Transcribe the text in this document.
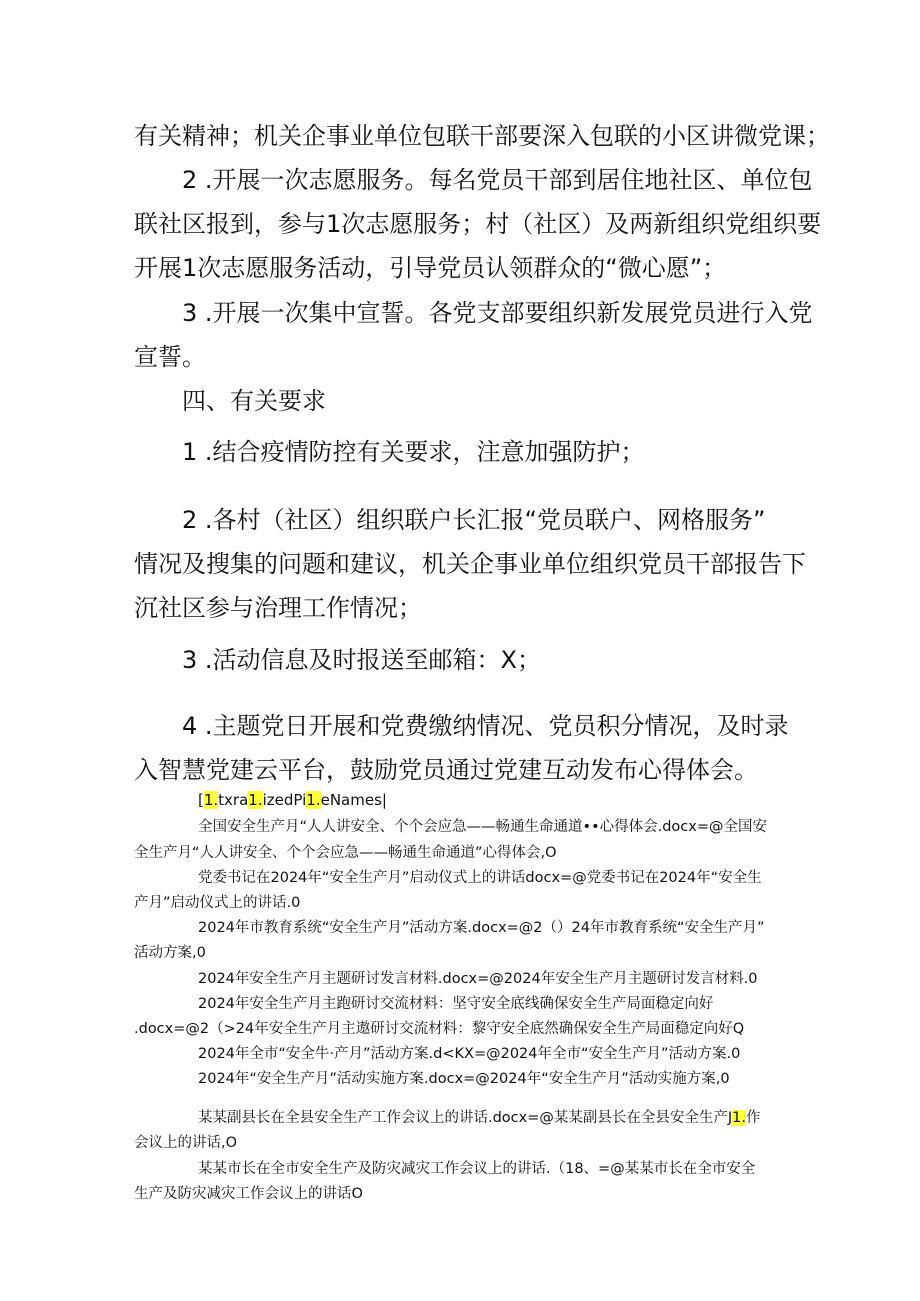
有关精神；机关企事业单位包联干部要深入包联的小区讲微党课；

2 .开展一次志愿服务。每名党员干部到居住地社区、单位包

联社区报到，参与1次志愿服务；村（社区）及两新组织党组织要

开展1次志愿服务活动，引导党员认领群众的“微心愿”；

3 .开展一次集中宣誓。各党支部要组织新发展党员进行入党

宣誓。

四、有关要求

1 .结合疫情防控有关要求，注意加强防护；

2 .各村（社区）组织联户长汇报“党员联户、网格服务”

情况及搜集的问题和建议，机关企事业单位组织党员干部报告下

沉社区参与治理工作情况；

3 .活动信息及时报送至邮箱：X；

4 .主题党日开展和党费缴纳情况、党员积分情况，及时录

入智慧党建云平台，鼓励党员通过党建互动发布心得体会。

[1.txra1.izedPi1.eNames|

全国安全生产月“人人讲安全、个个会应急——畅通生命通道••心得体会.docx=@全国安

全生产月“人人讲安全、个个会应急——畅通生命通道”心得体会,O

党委书记在2024年“安全生产月”启动仪式上的讲话docx=@党委书记在2024年“安全生

产月”启动仪式上的讲话.0

2024年市教育系统“安全生产月”活动方案.docx=@2（）24年市教育系统“安全生产月”

活动方案,0

2024年安全生产月主题研讨发言材料.docx=@2024年安全生产月主题研讨发言材料.0

2024年安全生产月主跑研讨交流材料：坚守安全底线确保安全生产局面稳定向好

.docx=@2（>24年安全生产月主遨研讨交流材料：黎守安全底然确保安全生产局面稳定向好Q

2024年全市“安全牛·产月”活动方案.d<KX=@2024年全市“安全生产月”活动方案.0

2024年“安全生产月”活动实施方案.docx=@2024年“安全生产月”活动实施方案,0

某某副县长在全县安全生产工作会议上的讲话.docx=@某某副县长在全县安全生产J1.作

会议上的讲话,O

某某市长在全市安全生产及防灾减灾工作会议上的讲话.（18、=@某某市长在全市安全

生产及防灾减灾工作会议上的讲话O
